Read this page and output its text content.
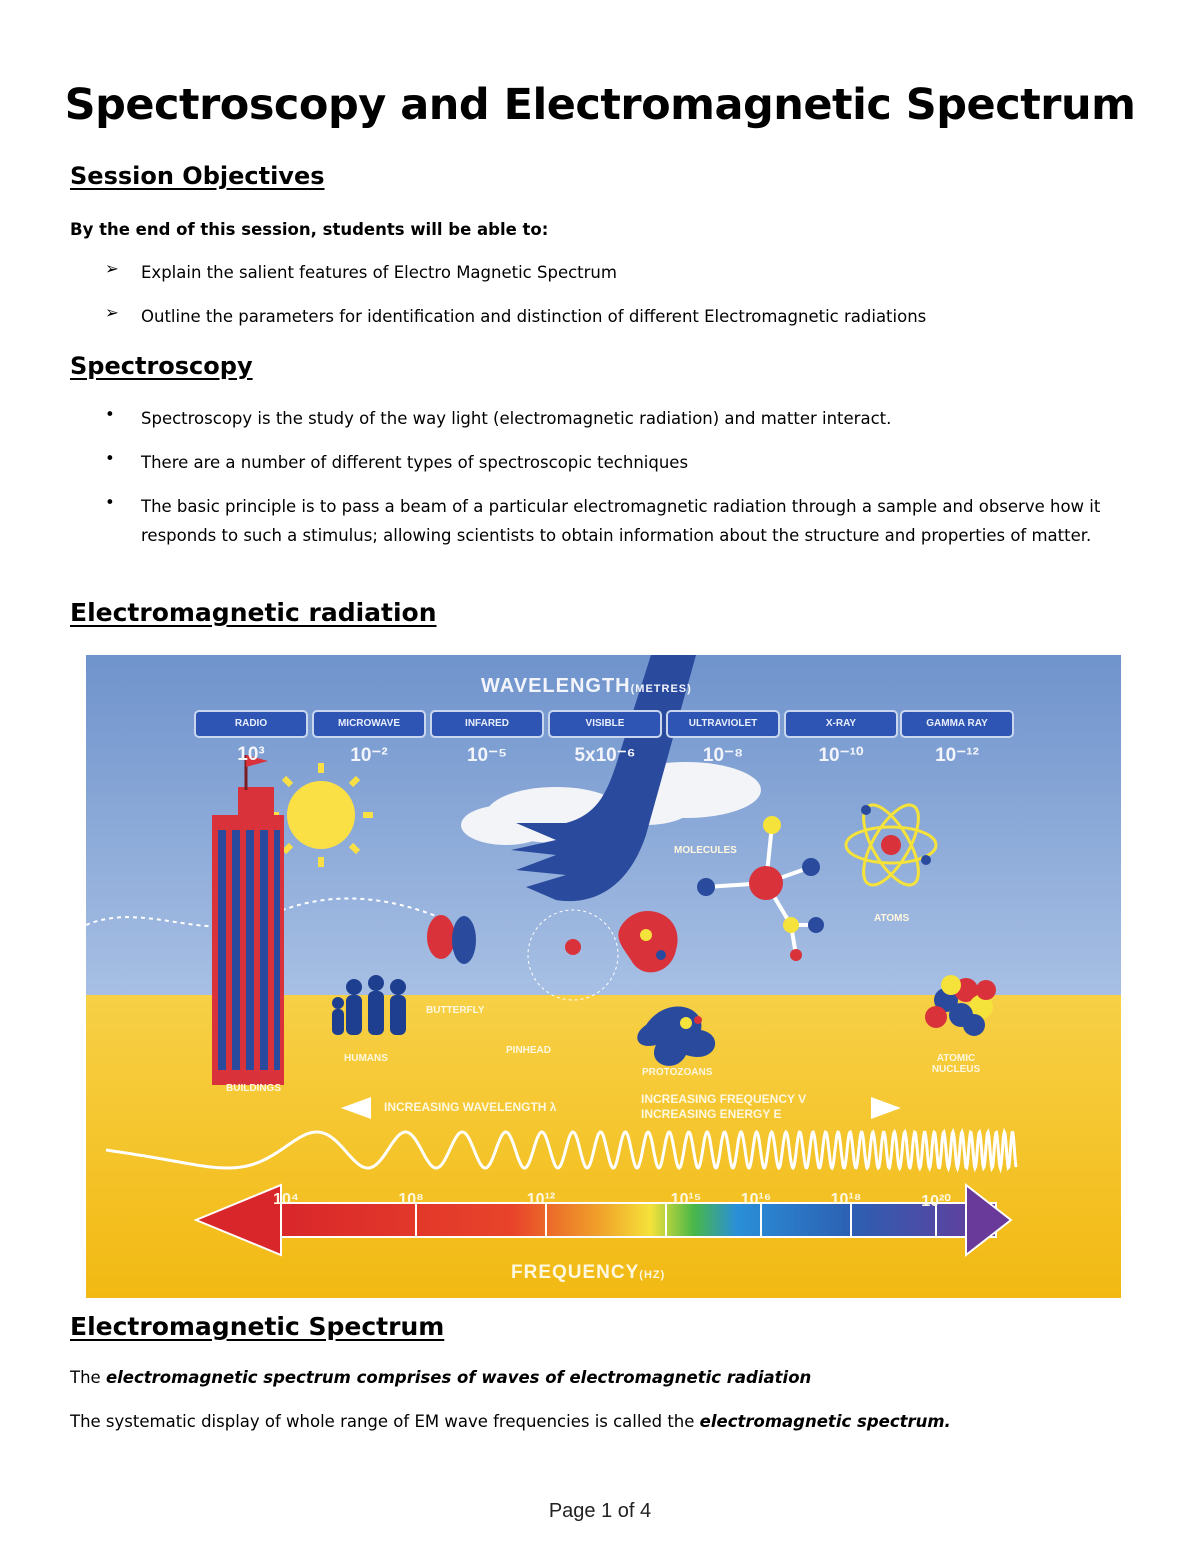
Spectroscopy and Electromagnetic Spectrum
Session Objectives
By the end of this session, students will be able to:
➢ Explain the salient features of Electro Magnetic Spectrum
➢ Outline the parameters for identification and distinction of different Electromagnetic radiations
Spectroscopy
• Spectroscopy is the study of the way light (electromagnetic radiation) and matter interact.
• There are a number of different types of spectroscopic techniques
• The basic principle is to pass a beam of a particular electromagnetic radiation through a sample and observe how it responds to such a stimulus; allowing scientists to obtain information about the structure and properties of matter.
Electromagnetic radiation
WAVELENGTH(METRES)
RADIO	MICROWAVE	INFARED	VISIBLE	ULTRAVIOLET	X-RAY	GAMMA RAY
10³	10⁻²	10⁻⁵	5x10⁻⁶	10⁻⁸	10⁻¹⁰	10⁻¹²
BUILDINGS
HUMANS
BUTTERFLY
PINHEAD
PROTOZOANS
MOLECULES
ATOMS
ATOMIC NUCLEUS
INCREASING WAVELENGTH λ
INCREASING FREQUENCY V
INCREASING ENERGY E
10⁴	10⁸	10¹²	10¹⁵	10¹⁶	10¹⁸	10²⁰
FREQUENCY(HZ)
Electromagnetic Spectrum
The electromagnetic spectrum comprises of waves of electromagnetic radiation
The systematic display of whole range of EM wave frequencies is called the electromagnetic spectrum.
Page 1 of 4
